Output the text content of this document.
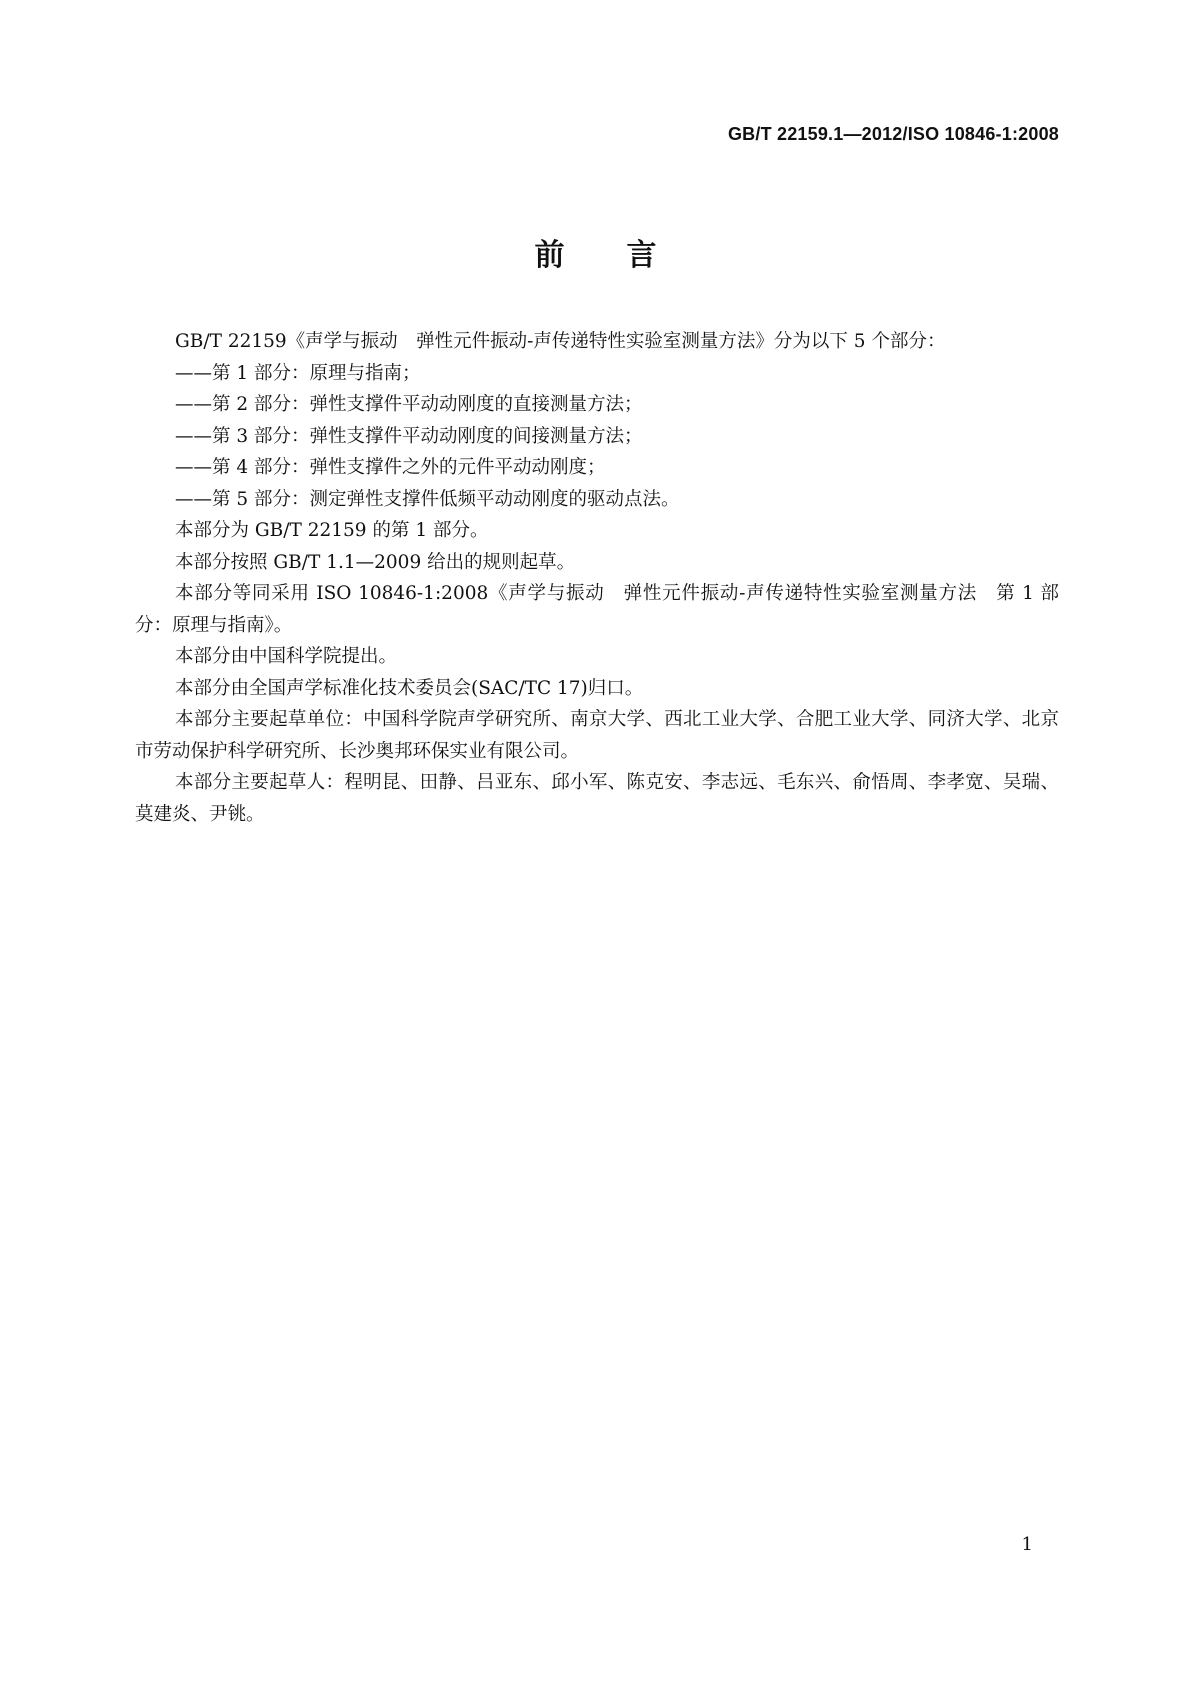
GB/T 22159.1—2012/ISO 10846-1:2008
前言

GB/T 22159《声学与振动　弹性元件振动-声传递特性实验室测量方法》分为以下 5 个部分：

——第 1 部分：原理与指南；

——第 2 部分：弹性支撑件平动动刚度的直接测量方法；

——第 3 部分：弹性支撑件平动动刚度的间接测量方法；

——第 4 部分：弹性支撑件之外的元件平动动刚度；

——第 5 部分：测定弹性支撑件低频平动动刚度的驱动点法。

本部分为 GB/T 22159 的第 1 部分。

本部分按照 GB/T 1.1—2009 给出的规则起草。

本部分等同采用 ISO 10846-1:2008《声学与振动　弹性元件振动-声传递特性实验室测量方法　第 1 部分：原理与指南》。

本部分由中国科学院提出。

本部分由全国声学标准化技术委员会(SAC/TC 17)归口。

本部分主要起草单位：中国科学院声学研究所、南京大学、西北工业大学、合肥工业大学、同济大学、北京市劳动保护科学研究所、长沙奥邦环保实业有限公司。

本部分主要起草人：程明昆、田静、吕亚东、邱小军、陈克安、李志远、毛东兴、俞悟周、李孝宽、吴瑞、莫建炎、尹铫。

1
